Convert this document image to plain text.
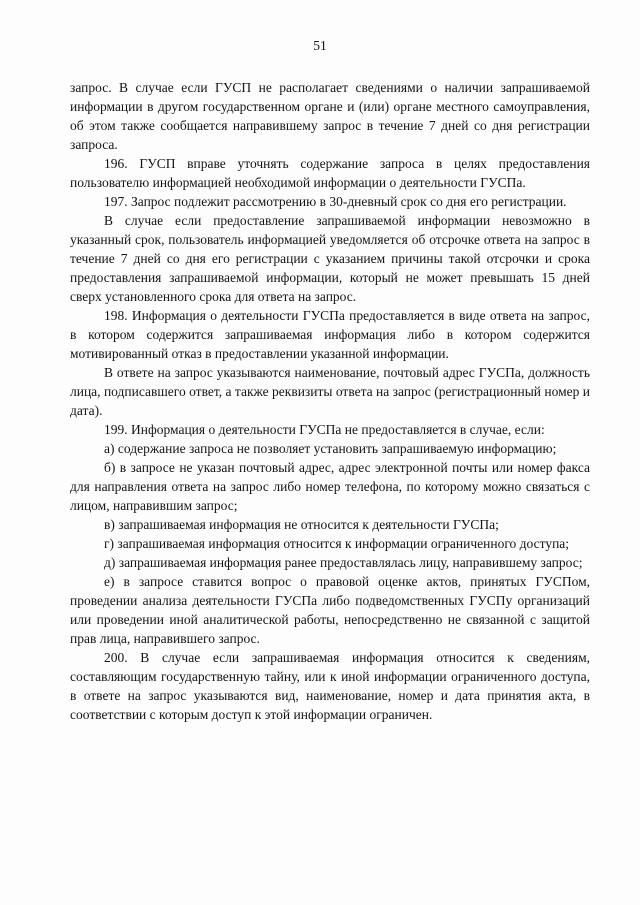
51

запрос. В случае если ГУСП не располагает сведениями о наличии запрашиваемой информации в другом государственном органе и (или) органе местного самоуправления, об этом также сообщается направившему запрос в течение 7 дней со дня регистрации запроса.

196. ГУСП вправе уточнять содержание запроса в целях предоставления пользователю информацией необходимой информации о деятельности ГУСПа.

197. Запрос подлежит рассмотрению в 30-дневный срок со дня его регистрации.

В случае если предоставление запрашиваемой информации невозможно в указанный срок, пользователь информацией уведомляется об отсрочке ответа на запрос в течение 7 дней со дня его регистрации с указанием причины такой отсрочки и срока предоставления запрашиваемой информации, который не может превышать 15 дней сверх установленного срока для ответа на запрос.

198. Информация о деятельности ГУСПа предоставляется в виде ответа на запрос, в котором содержится запрашиваемая информация либо в котором содержится мотивированный отказ в предоставлении указанной информации.

В ответе на запрос указываются наименование, почтовый адрес ГУСПа, должность лица, подписавшего ответ, а также реквизиты ответа на запрос (регистрационный номер и дата).

199. Информация о деятельности ГУСПа не предоставляется в случае, если:

а) содержание запроса не позволяет установить запрашиваемую информацию;

б) в запросе не указан почтовый адрес, адрес электронной почты или номер факса для направления ответа на запрос либо номер телефона, по которому можно связаться с лицом, направившим запрос;

в) запрашиваемая информация не относится к деятельности ГУСПа;

г) запрашиваемая информация относится к информации ограниченного доступа;

д) запрашиваемая информация ранее предоставлялась лицу, направившему запрос;

е) в запросе ставится вопрос о правовой оценке актов, принятых ГУСПом, проведении анализа деятельности ГУСПа либо подведомственных ГУСПу организаций или проведении иной аналитической работы, непосредственно не связанной с защитой прав лица, направившего запрос.

200. В случае если запрашиваемая информация относится к сведениям, составляющим государственную тайну, или к иной информации ограниченного доступа, в ответе на запрос указываются вид, наименование, номер и дата принятия акта, в соответствии с которым доступ к этой информации ограничен.
